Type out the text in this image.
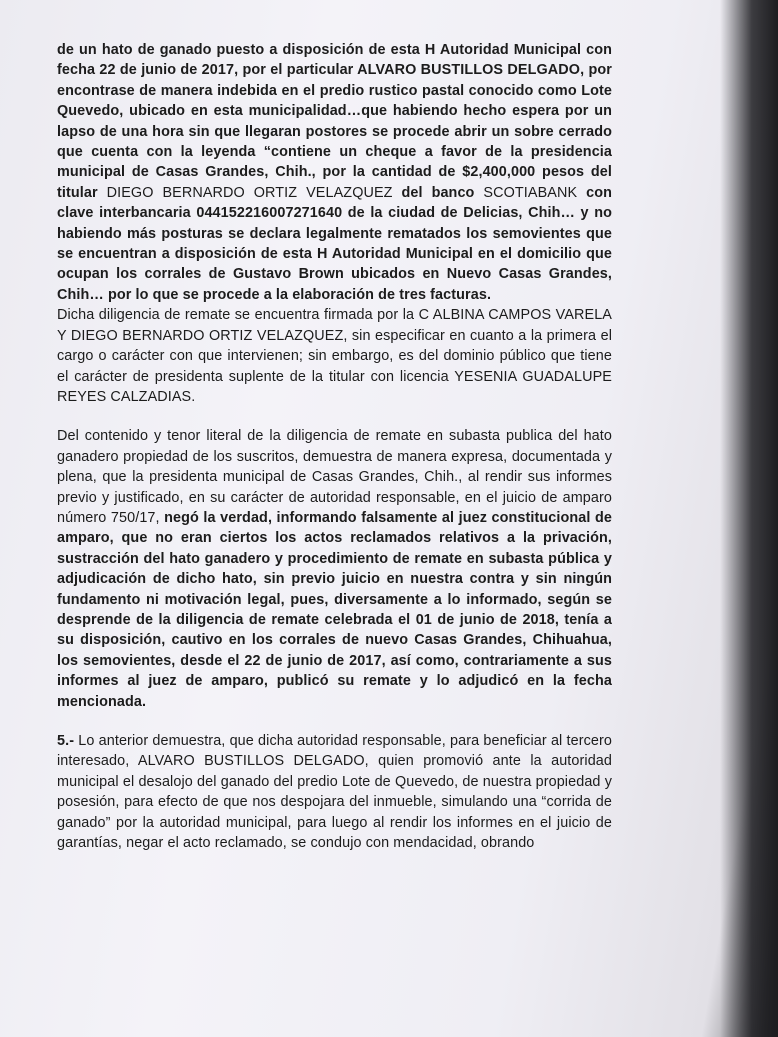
de un hato de ganado puesto a disposición de esta H Autoridad Municipal con fecha 22 de junio de 2017, por el particular ALVARO BUSTILLOS DELGADO, por encontrase de manera indebida en el predio rustico pastal conocido como Lote Quevedo, ubicado en esta municipalidad…que habiendo hecho espera por un lapso de una hora sin que llegaran postores se procede abrir un sobre cerrado que cuenta con la leyenda “contiene un cheque a favor de la presidencia municipal de Casas Grandes, Chih., por la cantidad de $2,400,000 pesos del titular DIEGO BERNARDO ORTIZ VELAZQUEZ del banco SCOTIABANK con clave interbancaria 044152216007271640 de la ciudad de Delicias, Chih… y no habiendo más posturas se declara legalmente rematados los semovientes que se encuentran a disposición de esta H Autoridad Municipal en el domicilio que ocupan los corrales de Gustavo Brown ubicados en Nuevo Casas Grandes, Chih… por lo que se procede a la elaboración de tres facturas.

Dicha diligencia de remate se encuentra firmada por la C ALBINA CAMPOS VARELA Y DIEGO BERNARDO ORTIZ VELAZQUEZ, sin especificar en cuanto a la primera el cargo o carácter con que intervienen; sin embargo, es del dominio público que tiene el carácter de presidenta suplente de la titular con licencia YESENIA GUADALUPE REYES CALZADIAS.

Del contenido y tenor literal de la diligencia de remate en subasta publica del hato ganadero propiedad de los suscritos, demuestra de manera expresa, documentada y plena, que la presidenta municipal de Casas Grandes, Chih., al rendir sus informes previo y justificado, en su carácter de autoridad responsable, en el juicio de amparo número 750/17, negó la verdad, informando falsamente al juez constitucional de amparo, que no eran ciertos los actos reclamados relativos a la privación, sustracción del hato ganadero y procedimiento de remate en subasta pública y adjudicación de dicho hato, sin previo juicio en nuestra contra y sin ningún fundamento ni motivación legal, pues, diversamente a lo informado, según se desprende de la diligencia de remate celebrada el 01 de junio de 2018, tenía a su disposición, cautivo en los corrales de nuevo Casas Grandes, Chihuahua, los semovientes, desde el 22 de junio de 2017, así como, contrariamente a sus informes al juez de amparo, publicó su remate y lo adjudicó en la fecha mencionada.

5.- Lo anterior demuestra, que dicha autoridad responsable, para beneficiar al tercero interesado, ALVARO BUSTILLOS DELGADO, quien promovió ante la autoridad municipal el desalojo del ganado del predio Lote de Quevedo, de nuestra propiedad y posesión, para efecto de que nos despojara del inmueble, simulando una “corrida de ganado” por la autoridad municipal, para luego al rendir los informes en el juicio de garantías, negar el acto reclamado, se condujo con mendacidad, obrando
